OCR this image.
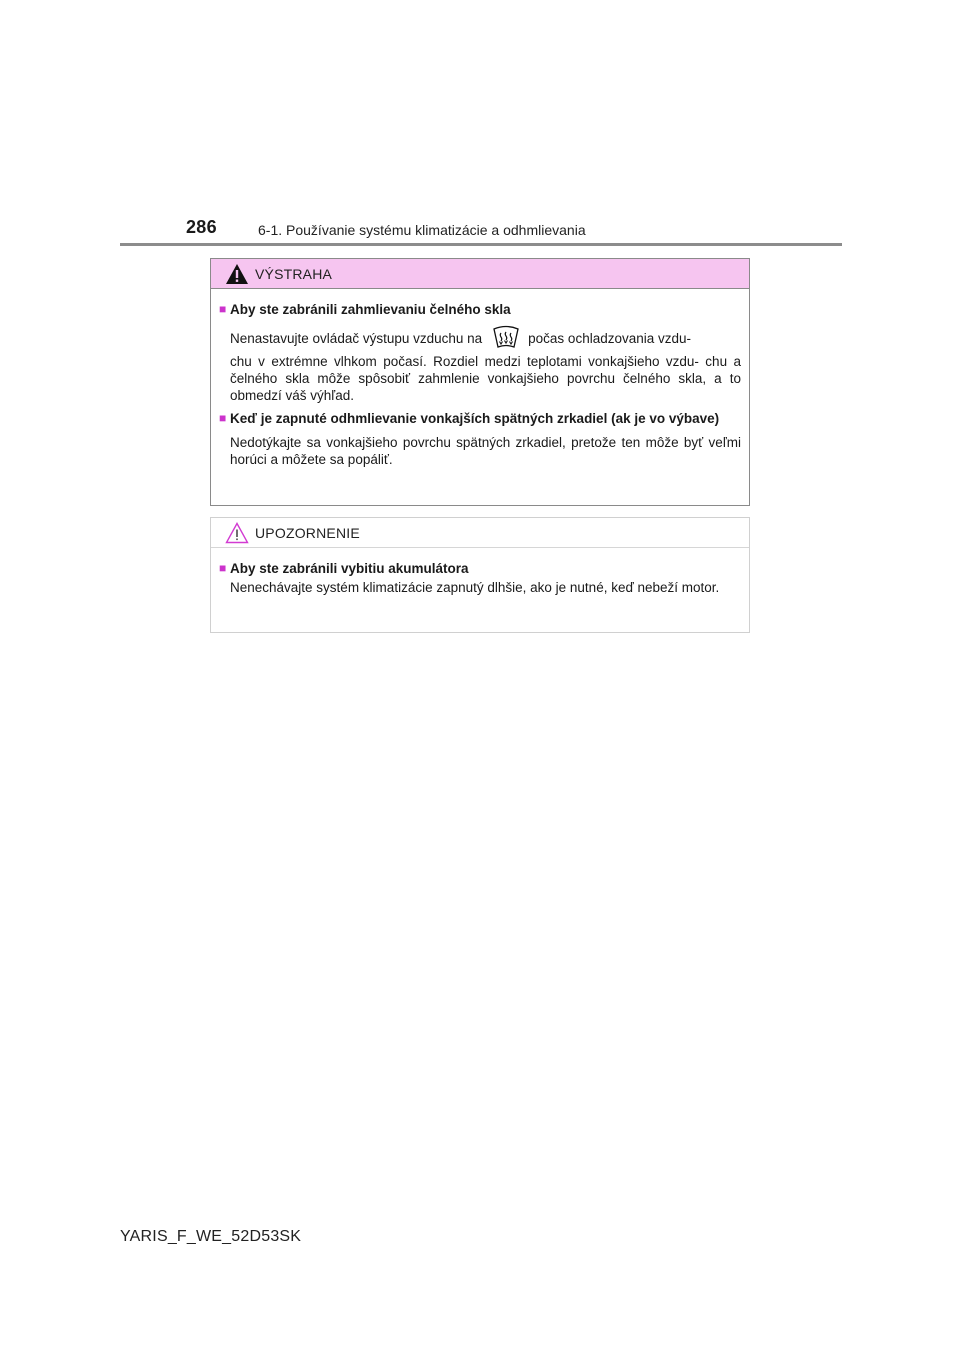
286	6-1. Používanie systému klimatizácie a odhmlievania
VÝSTRAHA
■ Aby ste zabránili zahmlievaniu čelného skla
Nenastavujte ovládač výstupu vzduchu na	počas ochladzovania vzdu-
chu v extrémne vlhkom počasí. Rozdiel medzi teplotami vonkajšieho vzdu- chu a čelného skla môže spôsobiť zahmlenie vonkajšieho povrchu čelného skla, a to obmedzí váš výhľad.
■ Keď je zapnuté odhmlievanie vonkajších spätných zrkadiel (ak je vo výbave)
Nedotýkajte sa vonkajšieho povrchu spätných zrkadiel, pretože ten môže byť veľmi horúci a môžete sa popáliť.
UPOZORNENIE
■ Aby ste zabránili vybitiu akumulátora
Nenechávajte systém klimatizácie zapnutý dlhšie, ako je nutné, keď nebeží motor.
YARIS_F_WE_52D53SK
